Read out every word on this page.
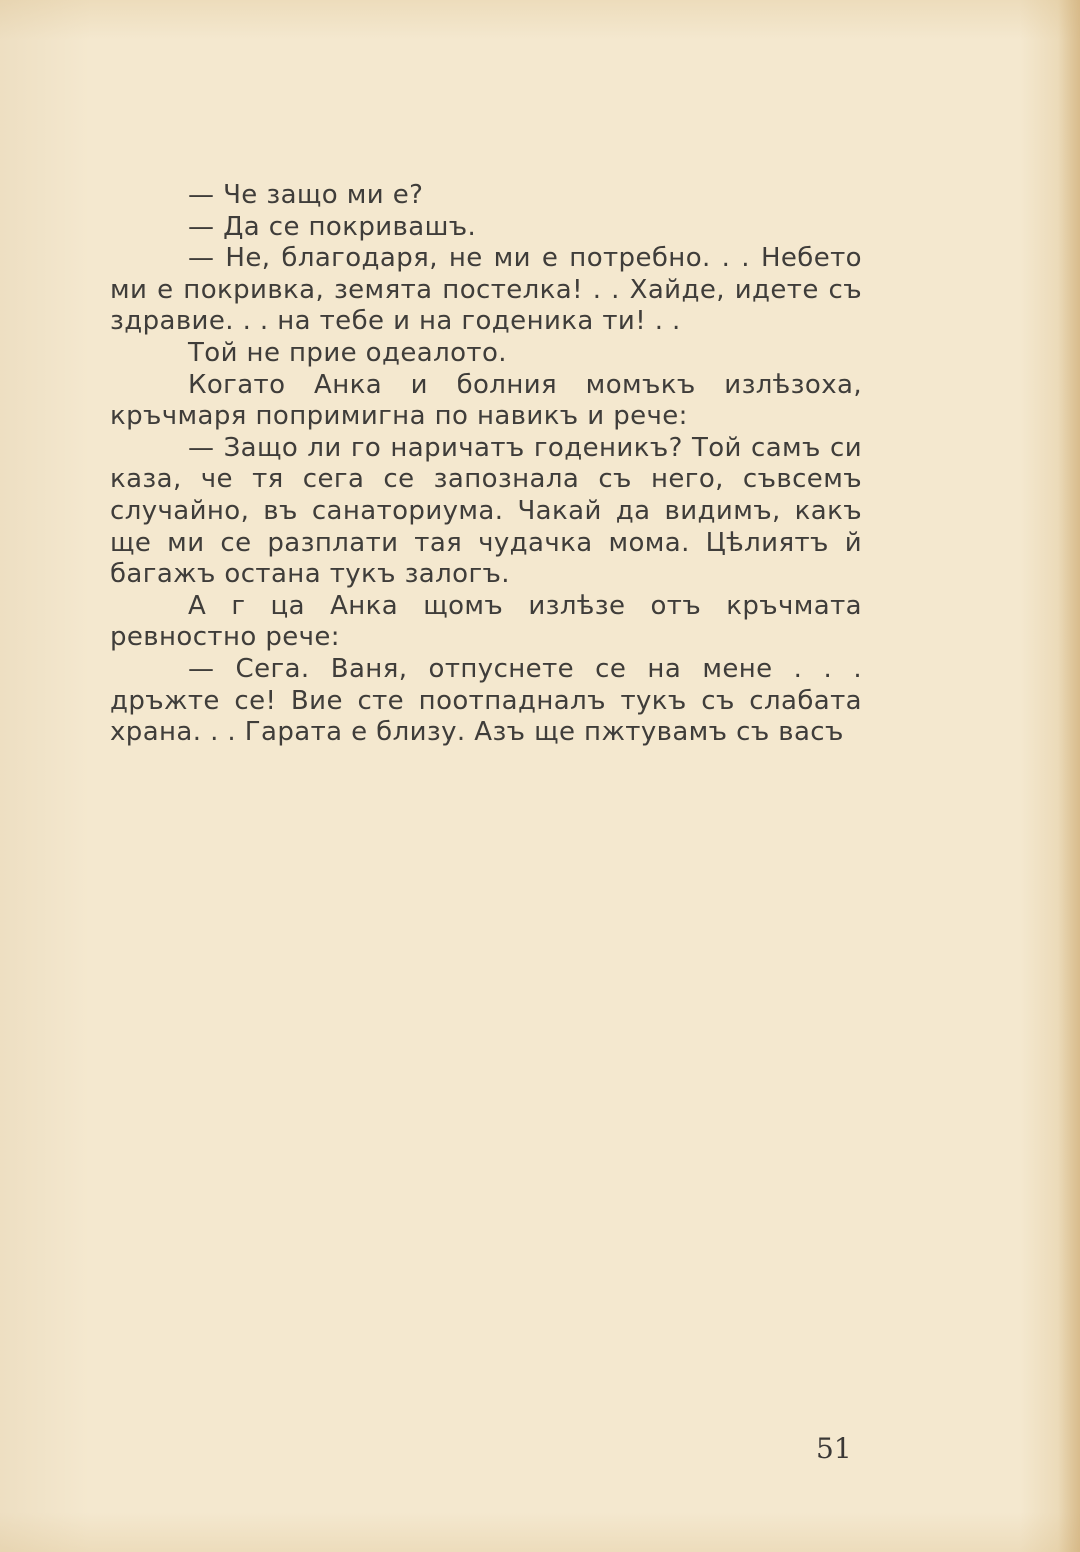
— Че защо ми е?

— Да се покривашъ.

— Не, благодаря, не ми е потребно. . . Небето ми е покривка, земята постелка! . . Хайде, идете съ здравие. . . на тебе и на годеника ти! . .

Той не прие одеалото.

Когато Анка и болния момъкъ излѣзоха, кръчмаря попримигна по навикъ и рече:

— Защо ли го наричатъ годеникъ? Той самъ си каза, че тя сега се запознала съ него, съвсемъ случайно, въ санаториума. Чакай да видимъ, какъ ще ми се разплати тая чудачка мома. Цѣлиятъ й багажъ остана тукъ залогъ.

А г ца Анка щомъ излѣзе отъ кръчмата ревностно рече:

— Сега. Ваня, отпуснете се на мене . . . дръжте се! Вие сте поотпадналъ тукъ съ слабата храна. . . Гарата е близу. Азъ ще пжтувамъ съ васъ

51
